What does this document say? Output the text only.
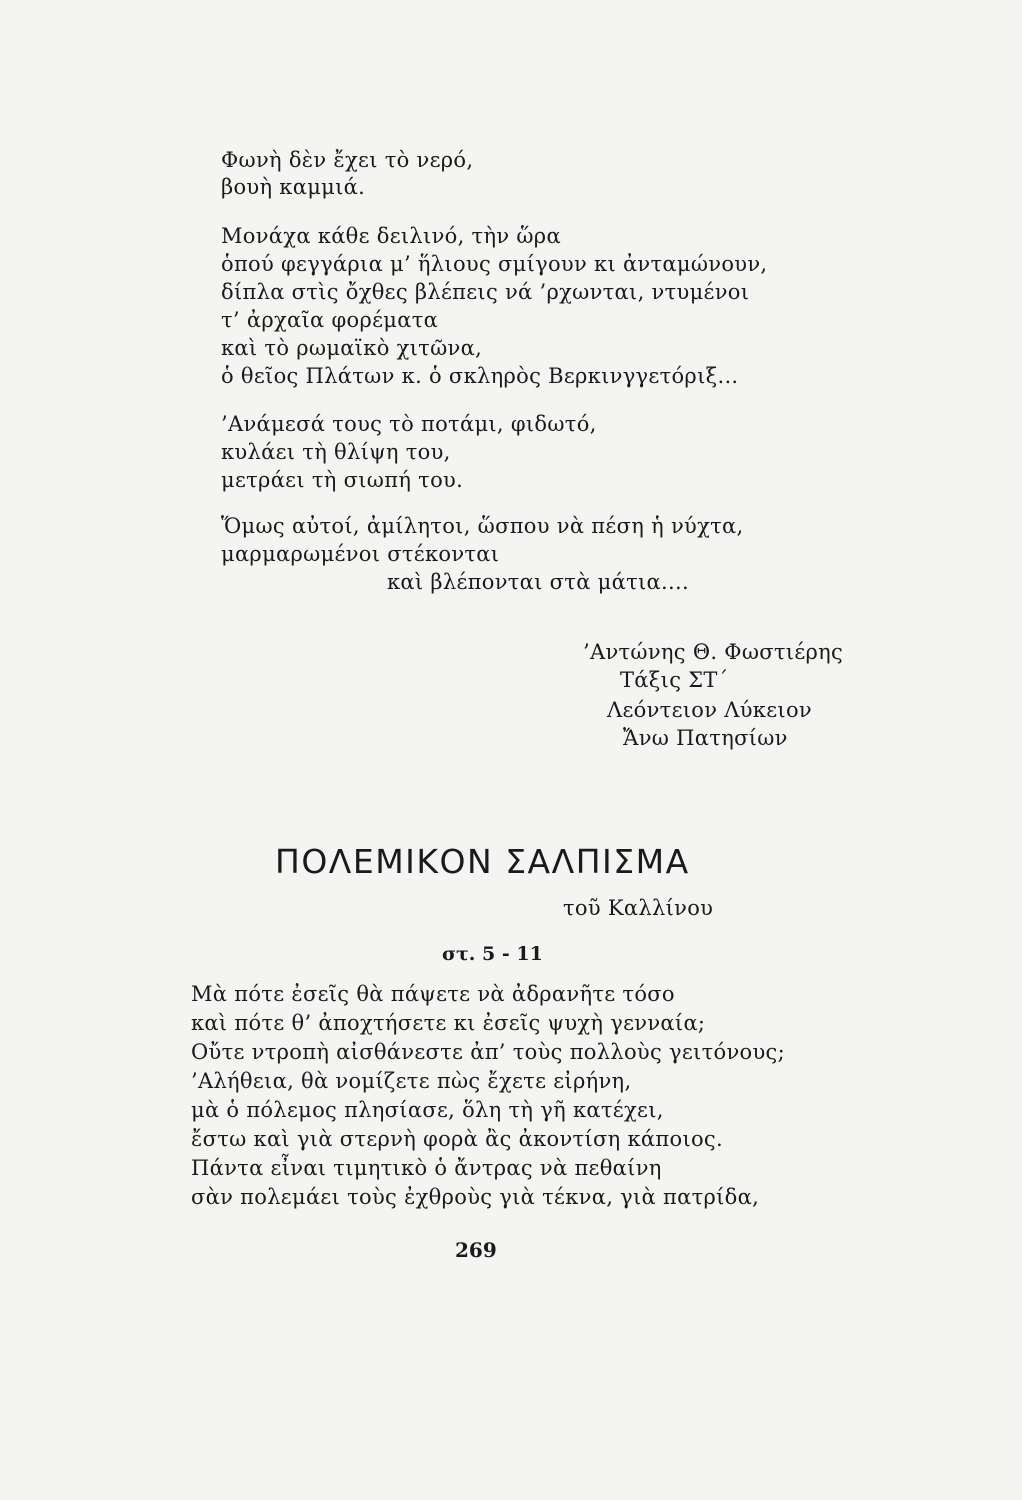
Φωνὴ δὲν ἔχει τὸ νερό,
βουὴ καμμιά.
Μονάχα κάθε δειλινό, τὴν ὥρα
ὁπού φεγγάρια μ’ ἥλιους σμίγουν κι ἀνταμώνουν,
δίπλα στὶς ὄχθες βλέπεις νά ’ρχωνται, ντυμένοι
τ’ ἀρχαῖα φορέματα
καὶ τὸ ρωμαϊκὸ χιτῶνα,
ὁ θεῖος Πλάτων κ. ὁ σκληρὸς Βερκινγγετόριξ...
’Ανάμεσά τους τὸ ποτάμι, φιδωτό,
κυλάει τὴ θλίψη του,
μετράει τὴ σιωπή του.
Ὅμως αὐτοί, ἀμίλητοι, ὥσπου νὰ πέση ἡ νύχτα,
μαρμαρωμένοι στέκονται
καὶ βλέπονται στὰ μάτια....
’Αντώνης Θ. Φωστιέρης
Τάξις ΣΤ΄
Λεόντειον Λύκειον
Ἄνω Πατησίων
ΠΟΛΕΜΙΚΟΝ ΣΑΛΠΙΣΜΑ
τοῦ Καλλίνου
στ. 5 - 11
Μὰ πότε ἐσεῖς θὰ πάψετε νὰ ἀδρανῆτε τόσο
καὶ πότε θ’ ἀποχτήσετε κι ἐσεῖς ψυχὴ γενναία;
Οὔτε ντροπὴ αἰσθάνεστε ἀπ’ τοὺς πολλοὺς γειτόνους;
’Αλήθεια, θὰ νομίζετε πὼς ἔχετε εἰρήνη,
μὰ ὁ πόλεμος πλησίασε, ὅλη τὴ γῆ κατέχει,
ἔστω καὶ γιὰ στερνὴ φορὰ ἂς ἀκοντίση κάποιος.
Πάντα εἶναι τιμητικὸ ὁ ἄντρας νὰ πεθαίνη
σὰν πολεμάει τοὺς ἐχθροὺς γιὰ τέκνα, γιὰ πατρίδα,
269
